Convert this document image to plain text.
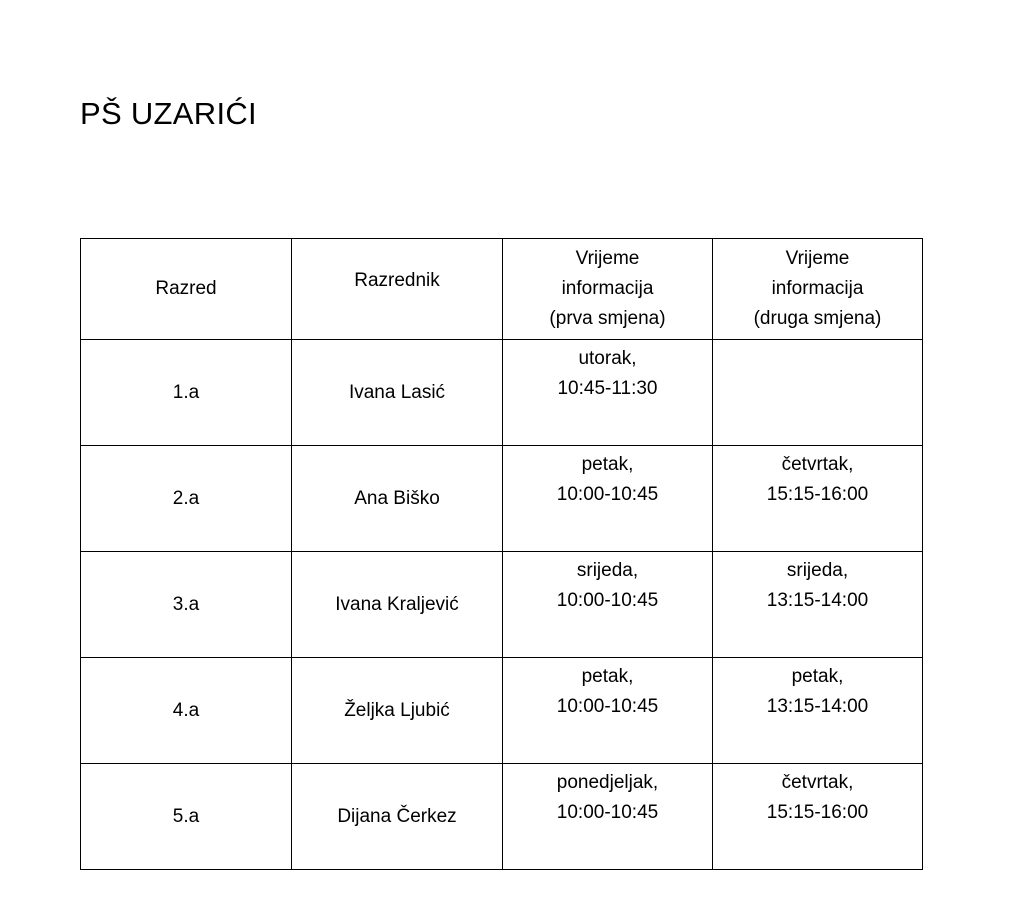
PŠ UZARIĆI
Razred	Razrednik	Vrijeme
informacija
(prva smjena)	Vrijeme
informacija
(druga smjena)

1.a	Ivana Lasić	utorak,
10:45-11:30	

2.a	Ana Biško	petak,
10:00-10:45	četvrtak,
15:15-16:00

3.a	Ivana Kraljević	srijeda,
10:00-10:45	srijeda,
13:15-14:00

4.a	Željka Ljubić	petak,
10:00-10:45	petak,
13:15-14:00

5.a	Dijana Čerkez	ponedjeljak,
10:00-10:45	četvrtak,
15:15-16:00
